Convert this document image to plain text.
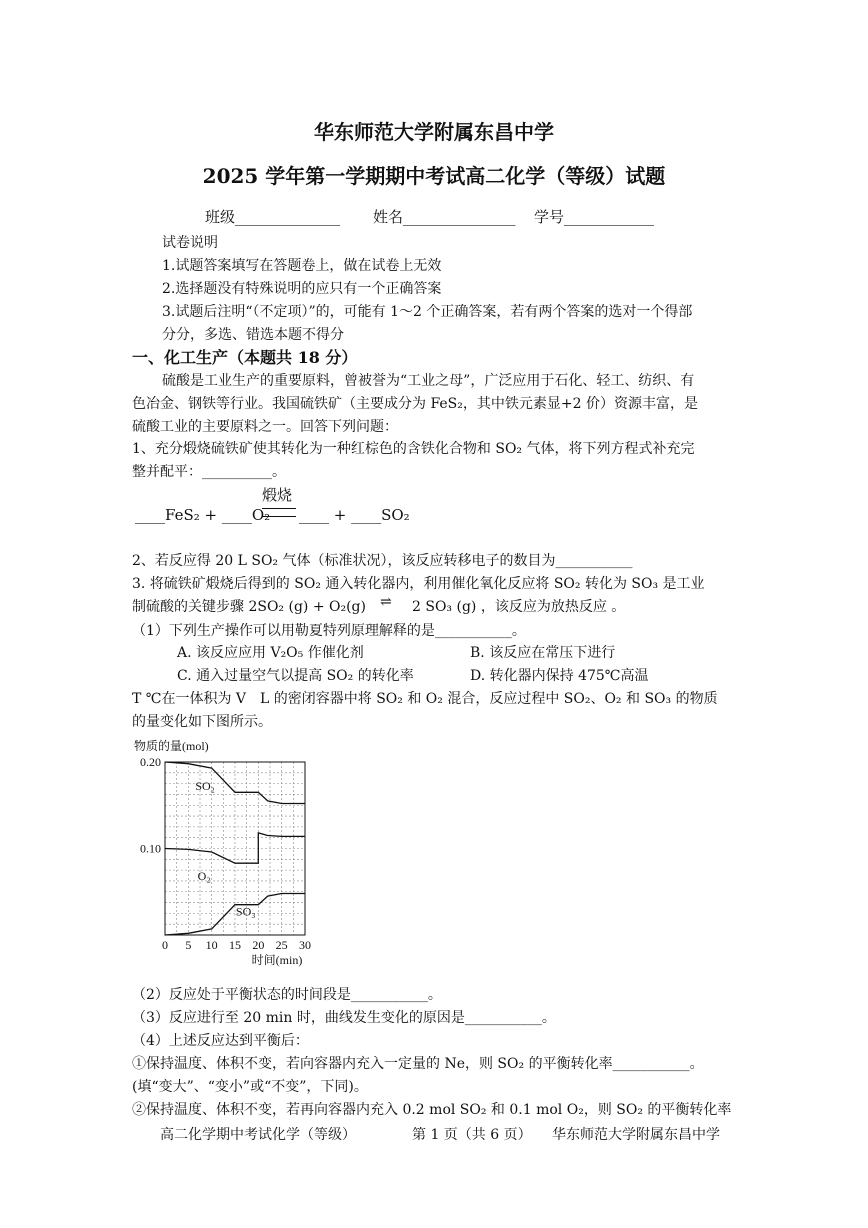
华东师范大学附属东昌中学
2025 学年第一学期期中考试高二化学（等级）试题
班级______________ 姓名_______________ 学号____________
试卷说明
1.试题答案填写在答题卷上，做在试卷上无效
2.选择题没有特殊说明的应只有一个正确答案
3.试题后注明“（不定项）”的，可能有 1～2 个正确答案，若有两个答案的选对一个得部
分分，多选、错选本题不得分
一、化工生产（本题共 18 分）
硫酸是工业生产的重要原料，曾被誉为“工业之母”，广泛应用于石化、轻工、纺织、有
色冶金、钢铁等行业。我国硫铁矿（主要成分为 FeS₂，其中铁元素显+2 价）资源丰富，是
硫酸工业的主要原料之一。回答下列问题：
1、充分煅烧硫铁矿使其转化为一种红棕色的含铁化合物和 SO₂ 气体，将下列方程式补充完
整并配平：__________。
____FeS₂ + ____O₂
煅烧
____ + ____SO₂
2、若反应得 20 L SO₂ 气体（标准状况），该反应转移电子的数目为___________
3. 将硫铁矿煅烧后得到的 SO₂ 通入转化器内，利用催化氧化反应将 SO₂ 转化为 SO₃ 是工业
制硫酸的关键步骤 2SO₂ (g) + O₂(g) ⇌ 2 SO₃ (g) ，该反应为放热反应 。
（1）下列生产操作可以用勒夏特列原理解释的是___________。
A. 该反应应用 V₂O₅ 作催化剂	B. 该反应在常压下进行
C. 通入过量空气以提高 SO₂ 的转化率	D. 转化器内保持 475℃高温
T ℃在一体积为 V　L 的密闭容器中将 SO₂ 和 O₂ 混合，反应过程中 SO₂、O₂ 和 SO₃ 的物质
的量变化如下图所示。
SO₂
O₂
SO₃
0 5 10 15 20 25 30
0.20
0.10
物质的量(mol)
时间(min)
（2）反应处于平衡状态的时间段是___________。
（3）反应进行至 20 min 时，曲线发生变化的原因是___________。
（4）上述反应达到平衡后：
①保持温度、体积不变，若向容器内充入一定量的 Ne，则 SO₂ 的平衡转化率___________。
(填“变大”、“变小”或“不变”，下同)。
②保持温度、体积不变，若再向容器内充入 0.2 mol SO₂ 和 0.1 mol O₂，则 SO₂ 的平衡转化率
高二化学期中考试化学（等级）	第 1 页（共 6 页） 华东师范大学附属东昌中学
